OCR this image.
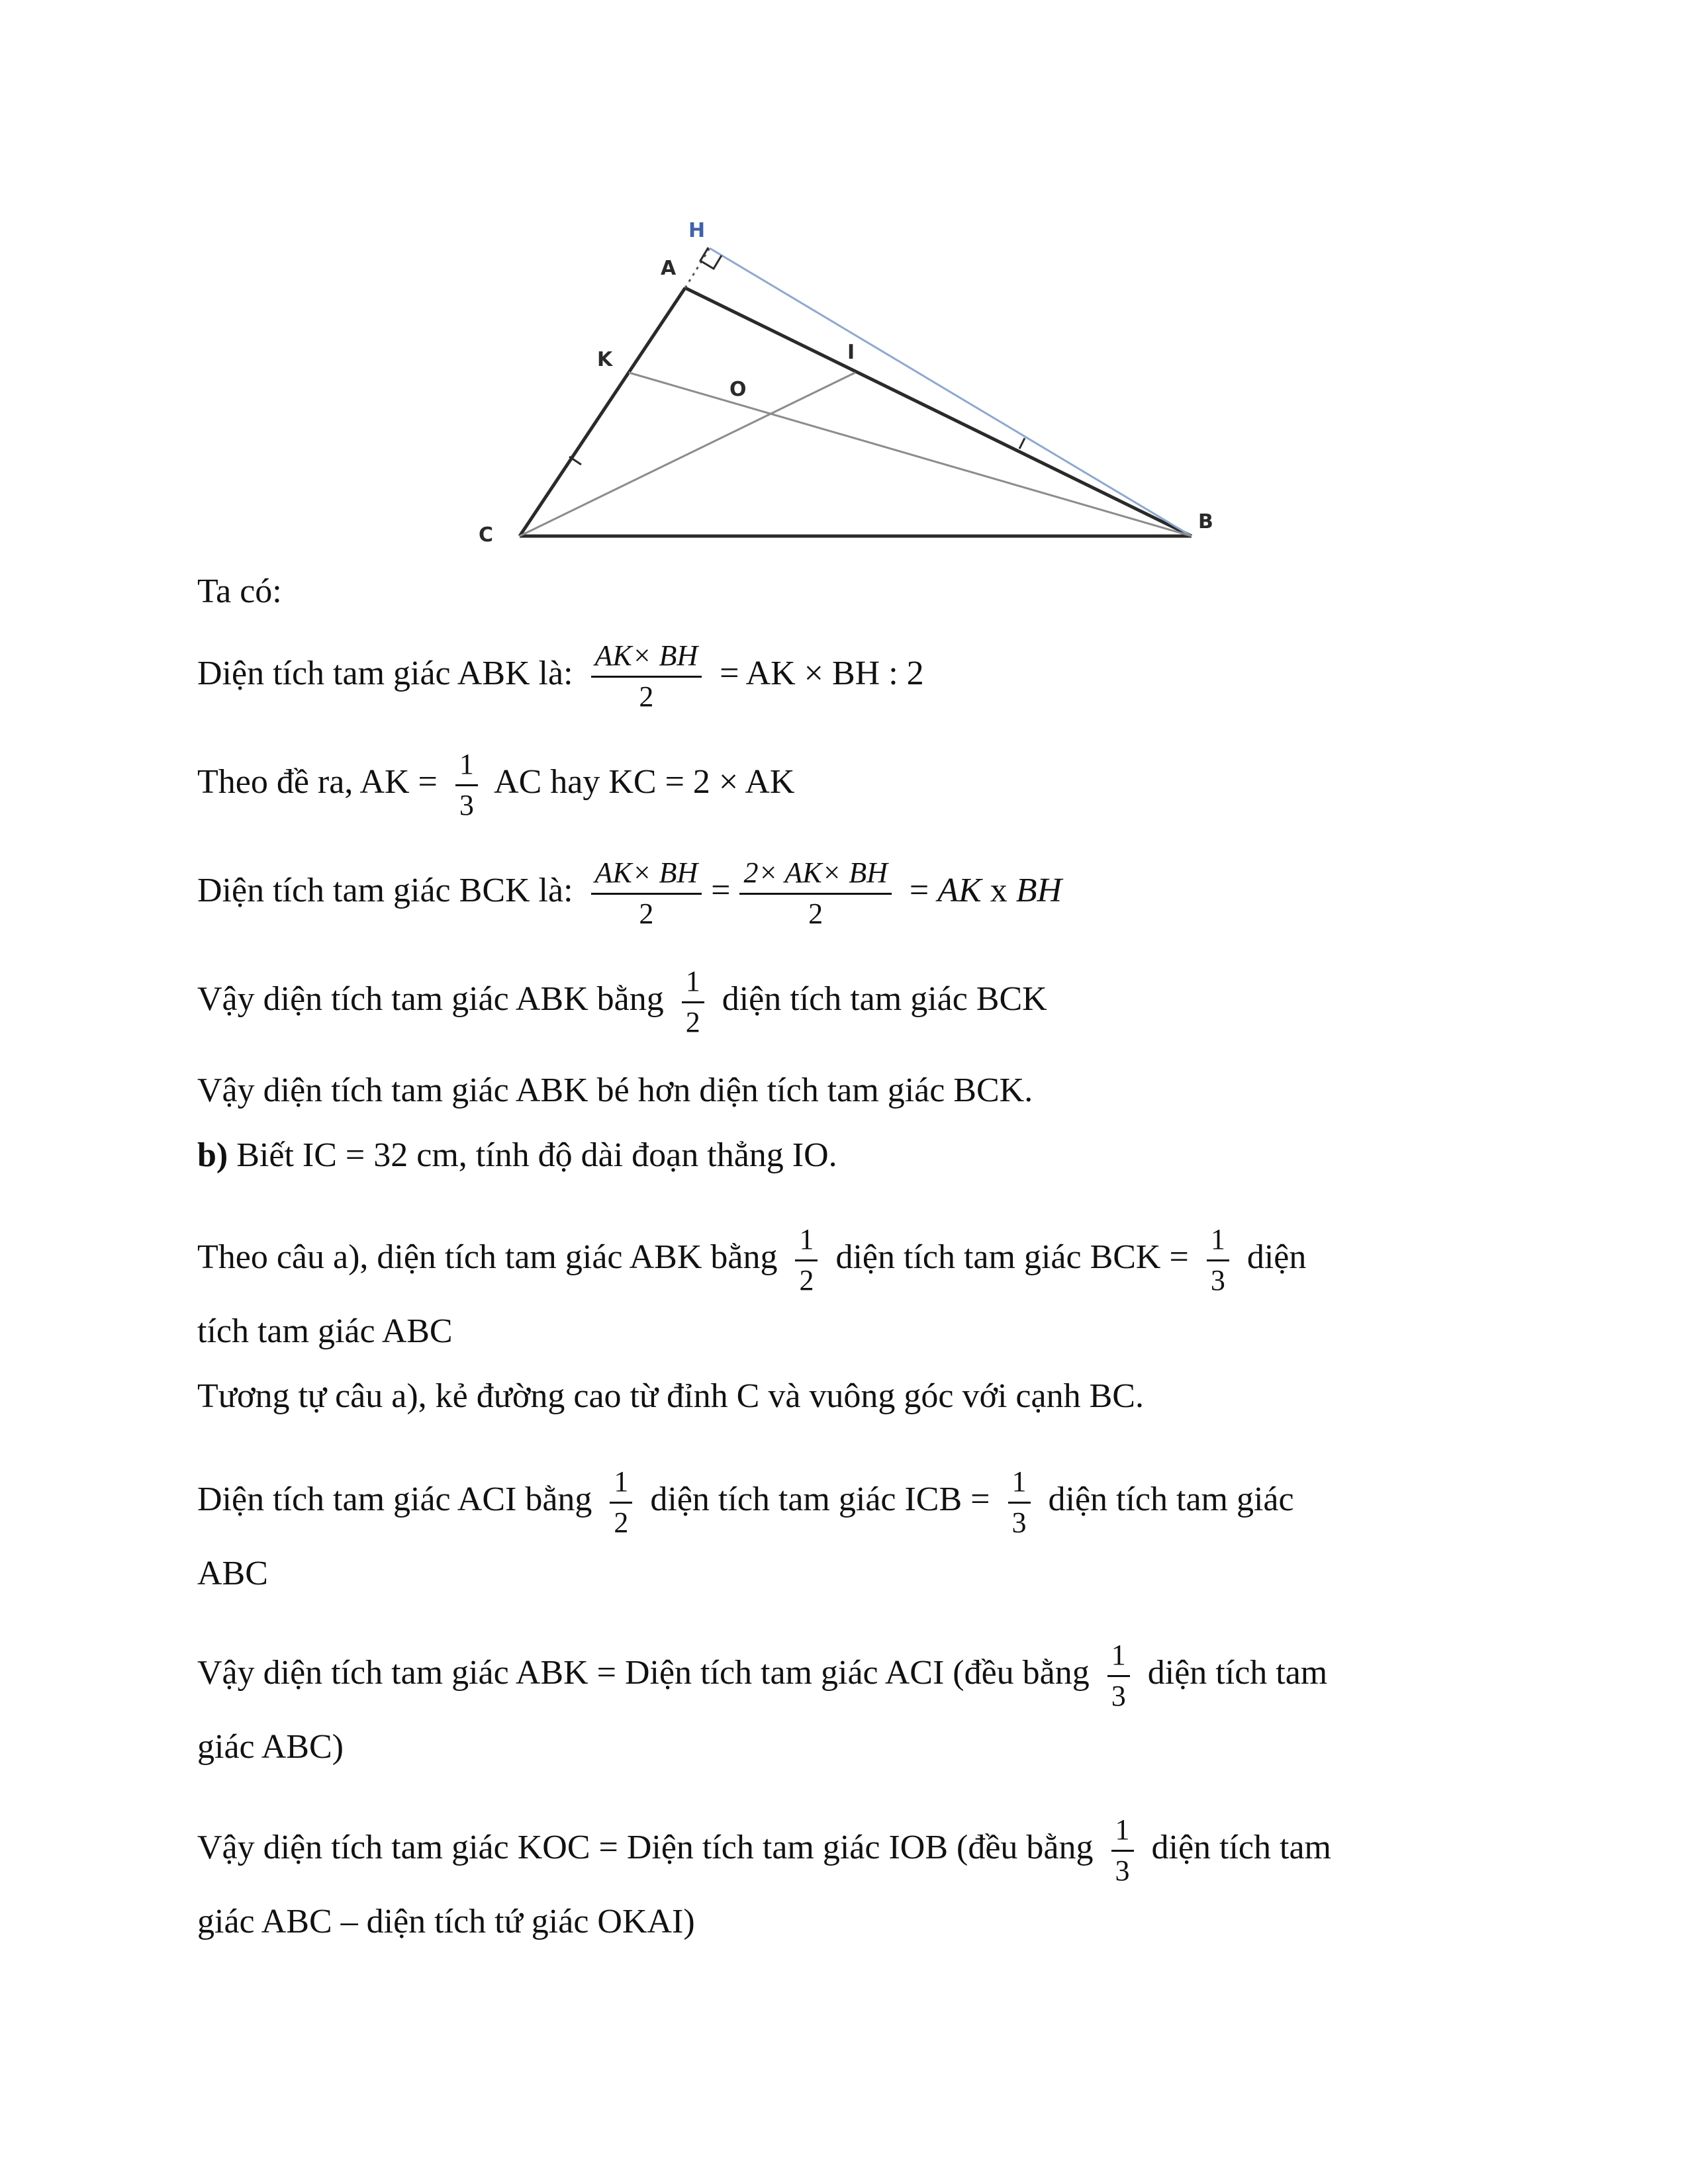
H
A
K	I
O
C
B
Ta có:
Diện tích tam giác ABK là: $\frac{AK\times BH}{2}$ = AK × BH : 2
Theo đề ra, AK = $\frac{1}{3}$ AC hay KC = 2 × AK
Diện tích tam giác BCK là: $\frac{AK\times BH}{2} = \frac{2\times AK\times BH}{2}$ = AK x BH
Vậy diện tích tam giác ABK bằng $\frac{1}{2}$ diện tích tam giác BCK
Vậy diện tích tam giác ABK bé hơn diện tích tam giác BCK.
b) Biết IC = 32 cm, tính độ dài đoạn thẳng IO.
Theo câu a), diện tích tam giác ABK bằng $\frac{1}{2}$ diện tích tam giác BCK = $\frac{1}{3}$ diện
tích tam giác ABC
Tương tự câu a), kẻ đường cao từ đỉnh C và vuông góc với cạnh BC.
Diện tích tam giác ACI bằng $\frac{1}{2}$ diện tích tam giác ICB = $\frac{1}{3}$ diện tích tam giác
ABC
Vậy diện tích tam giác ABK = Diện tích tam giác ACI (đều bằng $\frac{1}{3}$ diện tích tam
giác ABC)
Vậy diện tích tam giác KOC = Diện tích tam giác IOB (đều bằng $\frac{1}{3}$ diện tích tam
giác ABC – diện tích tứ giác OKAI)
